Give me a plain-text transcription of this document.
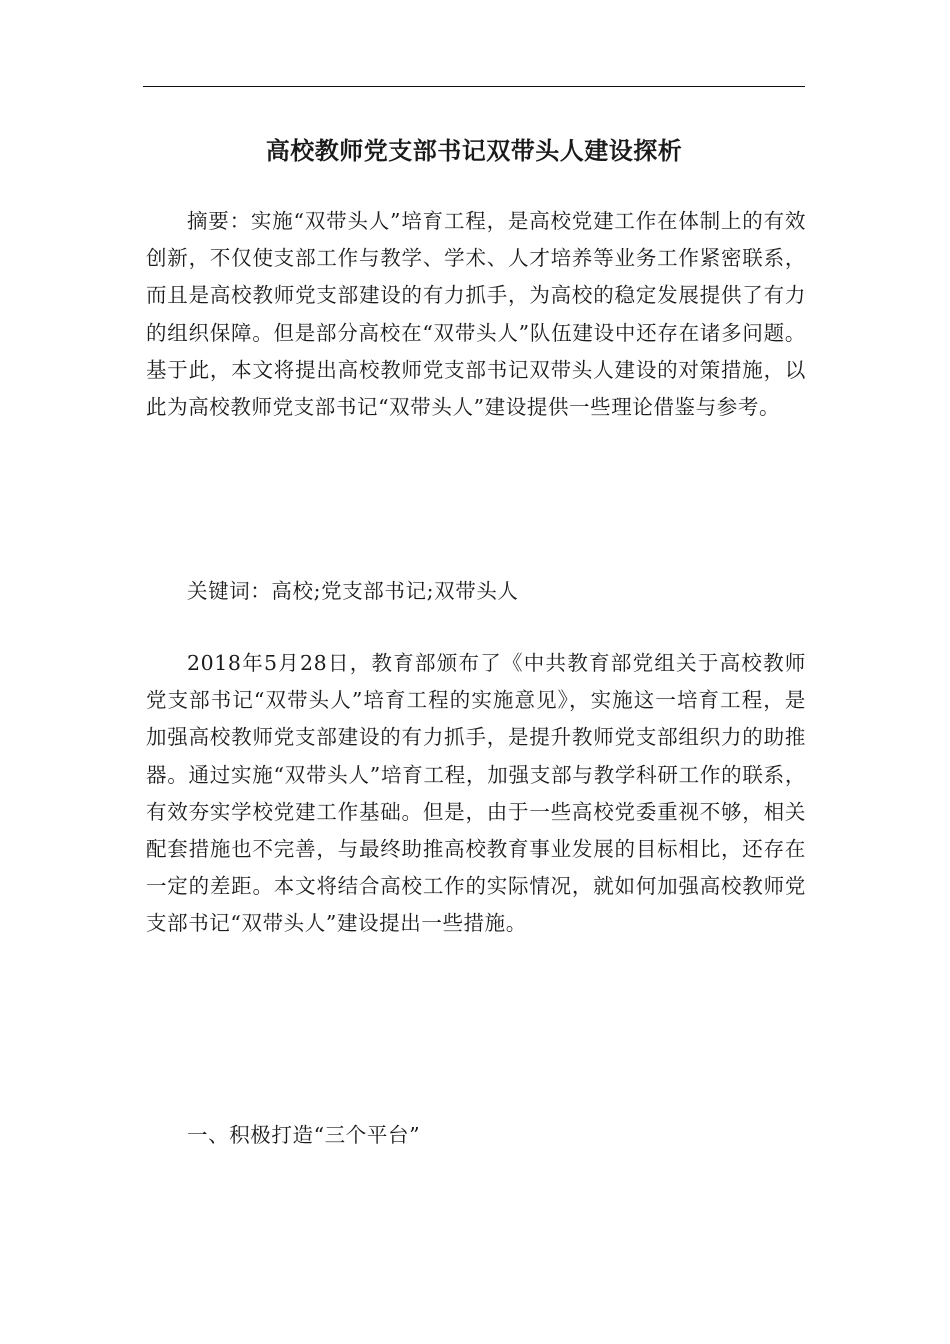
高校教师党支部书记双带头人建设探析

摘要：实施“双带头人”培育工程，是高校党建工作在体制上的有效创新，不仅使支部工作与教学、学术、人才培养等业务工作紧密联系，而且是高校教师党支部建设的有力抓手，为高校的稳定发展提供了有力的组织保障。但是部分高校在“双带头人”队伍建设中还存在诸多问题。基于此，本文将提出高校教师党支部书记双带头人建设的对策措施，以此为高校教师党支部书记“双带头人”建设提供一些理论借鉴与参考。

关键词：高校;党支部书记;双带头人

2018年5月28日，教育部颁布了《中共教育部党组关于高校教师党支部书记“双带头人”培育工程的实施意见》，实施这一培育工程，是加强高校教师党支部建设的有力抓手，是提升教师党支部组织力的助推器。通过实施“双带头人”培育工程，加强支部与教学科研工作的联系，有效夯实学校党建工作基础。但是，由于一些高校党委重视不够，相关配套措施也不完善，与最终助推高校教育事业发展的目标相比，还存在一定的差距。本文将结合高校工作的实际情况，就如何加强高校教师党支部书记“双带头人”建设提出一些措施。

一、积极打造“三个平台”
